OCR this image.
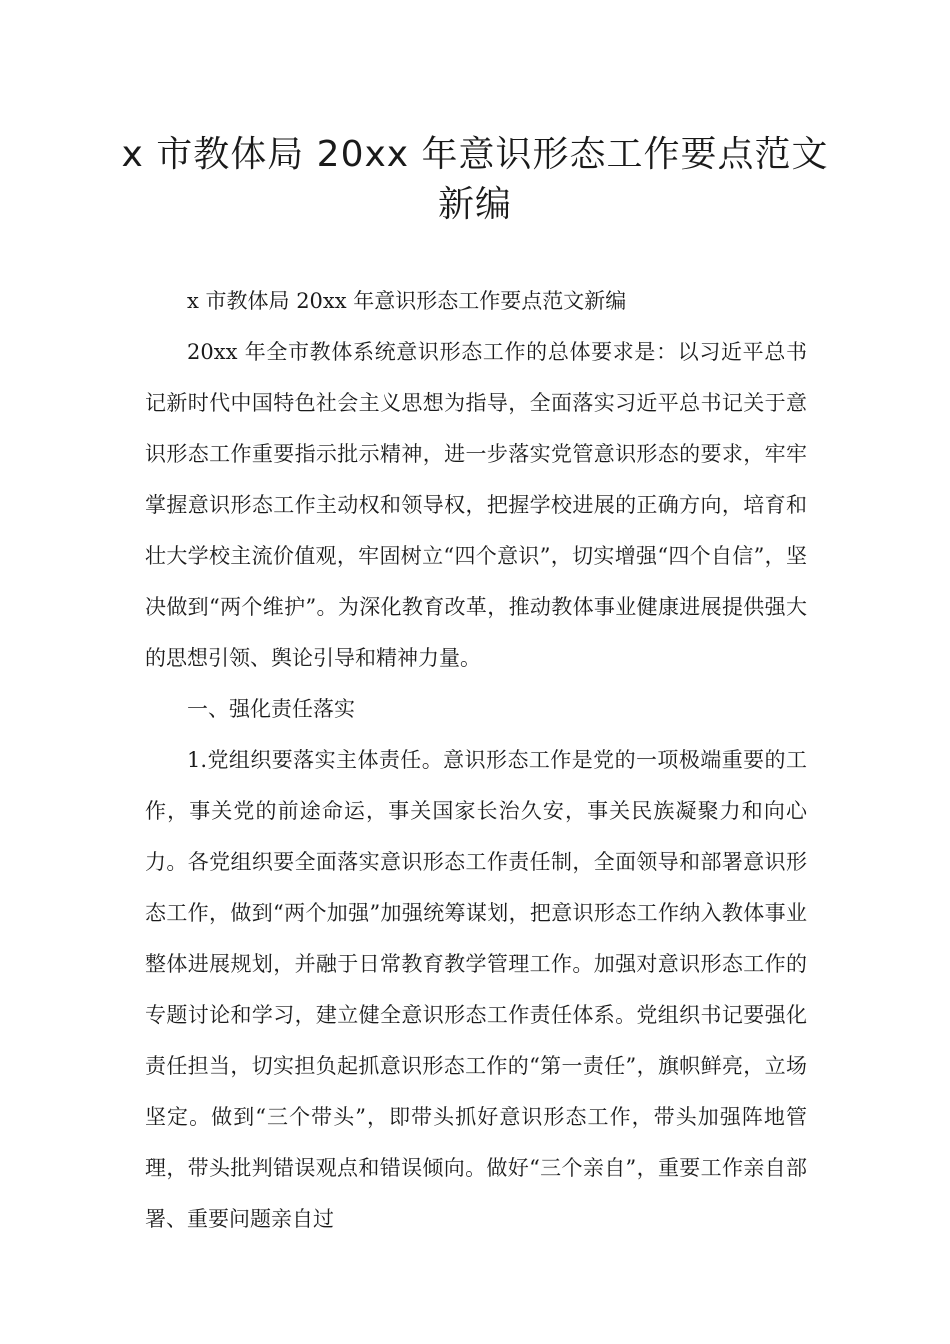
x 市教体局 20xx 年意识形态工作要点范文新编

x 市教体局 20xx 年意识形态工作要点范文新编

20xx 年全市教体系统意识形态工作的总体要求是：以习近平总书记新时代中国特色社会主义思想为指导，全面落实习近平总书记关于意识形态工作重要指示批示精神，进一步落实党管意识形态的要求，牢牢掌握意识形态工作主动权和领导权，把握学校进展的正确方向，培育和壮大学校主流价值观，牢固树立“四个意识”，切实增强“四个自信”，坚决做到“两个维护”。为深化教育改革，推动教体事业健康进展提供强大的思想引领、舆论引导和精神力量。

一、强化责任落实

1.党组织要落实主体责任。意识形态工作是党的一项极端重要的工作，事关党的前途命运，事关国家长治久安，事关民族凝聚力和向心力。各党组织要全面落实意识形态工作责任制，全面领导和部署意识形态工作，做到“两个加强”加强统筹谋划，把意识形态工作纳入教体事业整体进展规划，并融于日常教育教学管理工作。加强对意识形态工作的专题讨论和学习，建立健全意识形态工作责任体系。党组织书记要强化责任担当，切实担负起抓意识形态工作的“第一责任”，旗帜鲜亮，立场坚定。做到“三个带头”，即带头抓好意识形态工作，带头加强阵地管理，带头批判错误观点和错误倾向。做好“三个亲自”，重要工作亲自部署、重要问题亲自过
